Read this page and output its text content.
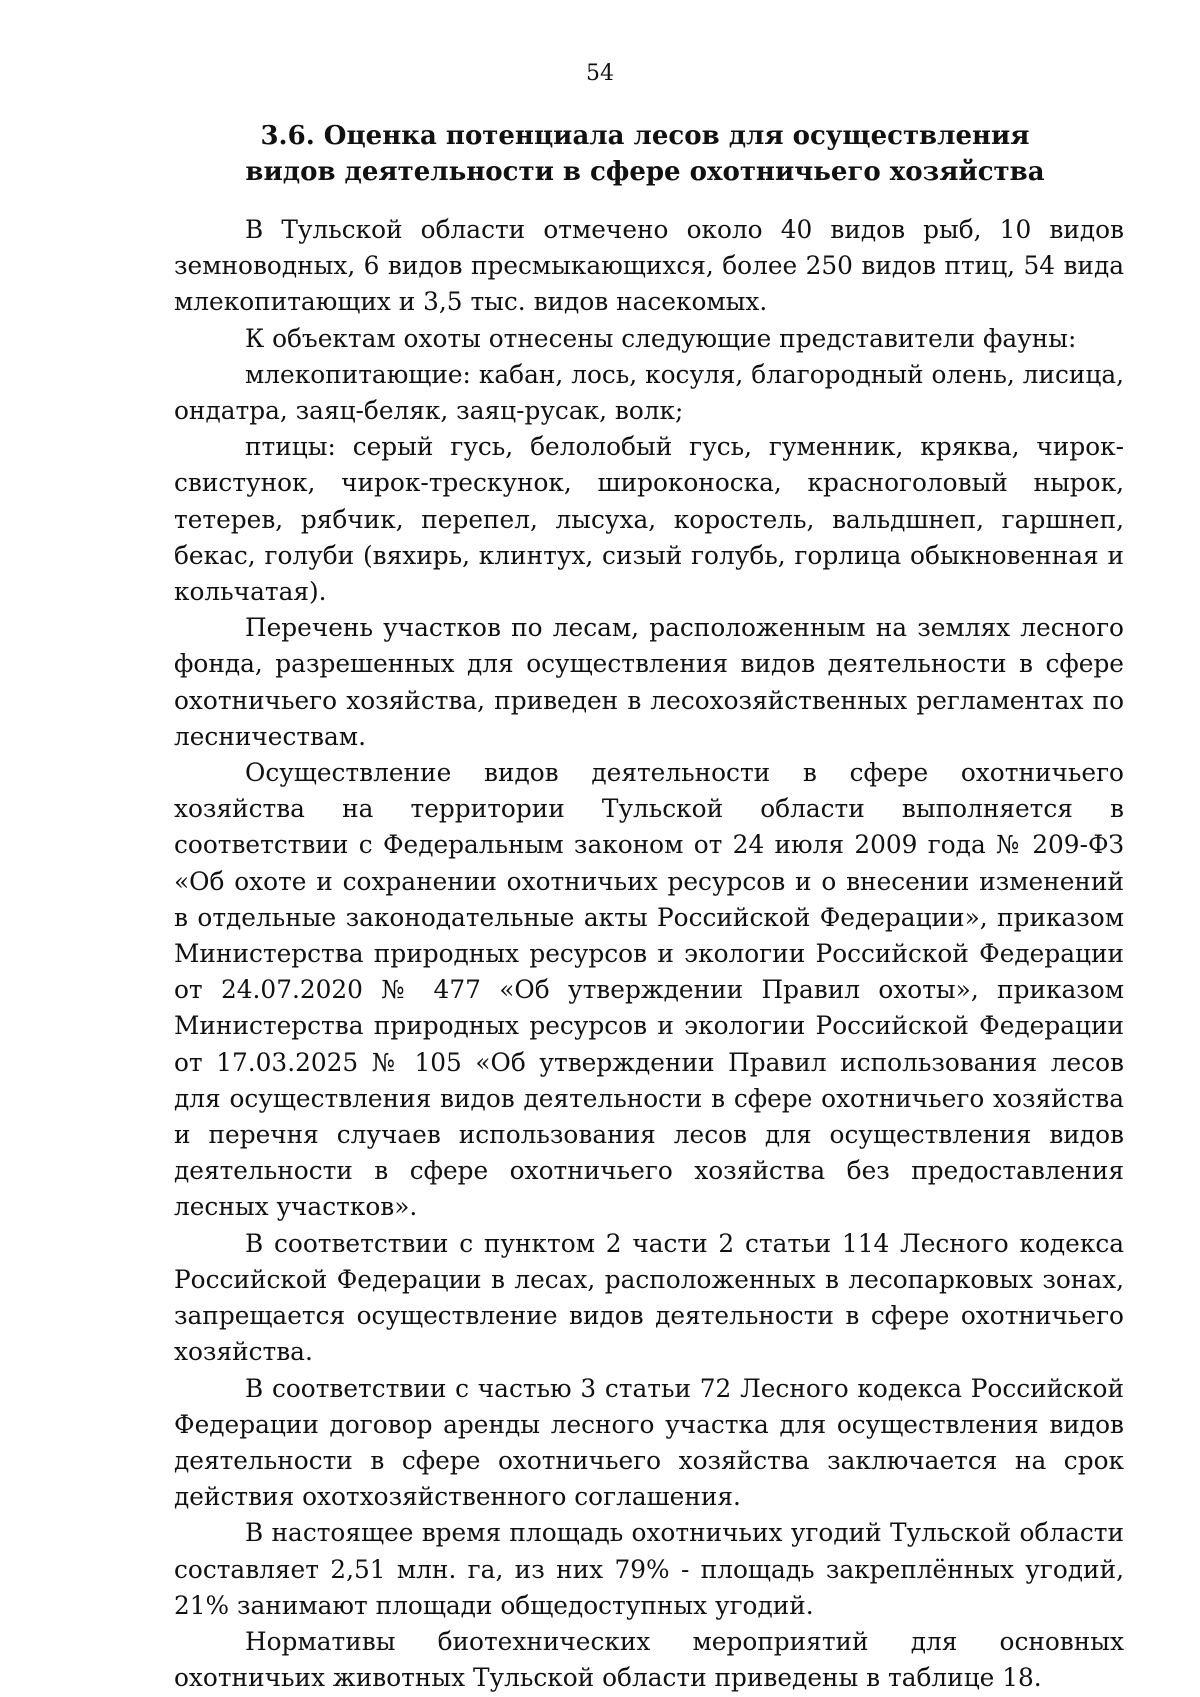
54
3.6. Оценка потенциала лесов для осуществления
видов деятельности в сфере охотничьего хозяйства

В Тульской области отмечено около 40 видов рыб, 10 видов земноводных, 6 видов пресмыкающихся, более 250 видов птиц, 54 вида млекопитающих и 3,5 тыс. видов насекомых.

К объектам охоты отнесены следующие представители фауны:

млекопитающие: кабан, лось, косуля, благородный олень, лисица, ондатра, заяц-беляк, заяц-русак, волк;

птицы: серый гусь, белолобый гусь, гуменник, кряква, чирок-свистунок, чирок-трескунок, широконоска, красноголовый нырок, тетерев, рябчик, перепел, лысуха, коростель, вальдшнеп, гаршнеп, бекас, голуби (вяхирь, клинтух, сизый голубь, горлица обыкновенная и кольчатая).

Перечень участков по лесам, расположенным на землях лесного фонда, разрешенных для осуществления видов деятельности в сфере охотничьего хозяйства, приведен в лесохозяйственных регламентах по лесничествам.

Осуществление видов деятельности в сфере охотничьего хозяйства на территории Тульской области выполняется в соответствии с Федеральным законом от 24 июля 2009 года № 209-ФЗ «Об охоте и сохранении охотничьих ресурсов и о внесении изменений в отдельные законодательные акты Российской Федерации», приказом Министерства природных ресурсов и экологии Российской Федерации от 24.07.2020 № 477 «Об утверждении Правил охоты», приказом Министерства природных ресурсов и экологии Российской Федерации от 17.03.2025 № 105 «Об утверждении Правил использования лесов для осуществления видов деятельности в сфере охотничьего хозяйства и перечня случаев использования лесов для осуществления видов деятельности в сфере охотничьего хозяйства без предоставления лесных участков».

В соответствии с пунктом 2 части 2 статьи 114 Лесного кодекса Российской Федерации в лесах, расположенных в лесопарковых зонах, запрещается осуществление видов деятельности в сфере охотничьего хозяйства.

В соответствии с частью 3 статьи 72 Лесного кодекса Российской Федерации договор аренды лесного участка для осуществления видов деятельности в сфере охотничьего хозяйства заключается на срок действия охотхозяйственного соглашения.

В настоящее время площадь охотничьих угодий Тульской области составляет 2,51 млн. га, из них 79% - площадь закреплённых угодий, 21% занимают площади общедоступных угодий.

Нормативы биотехнических мероприятий для основных охотничьих животных Тульской области приведены в таблице 18.
